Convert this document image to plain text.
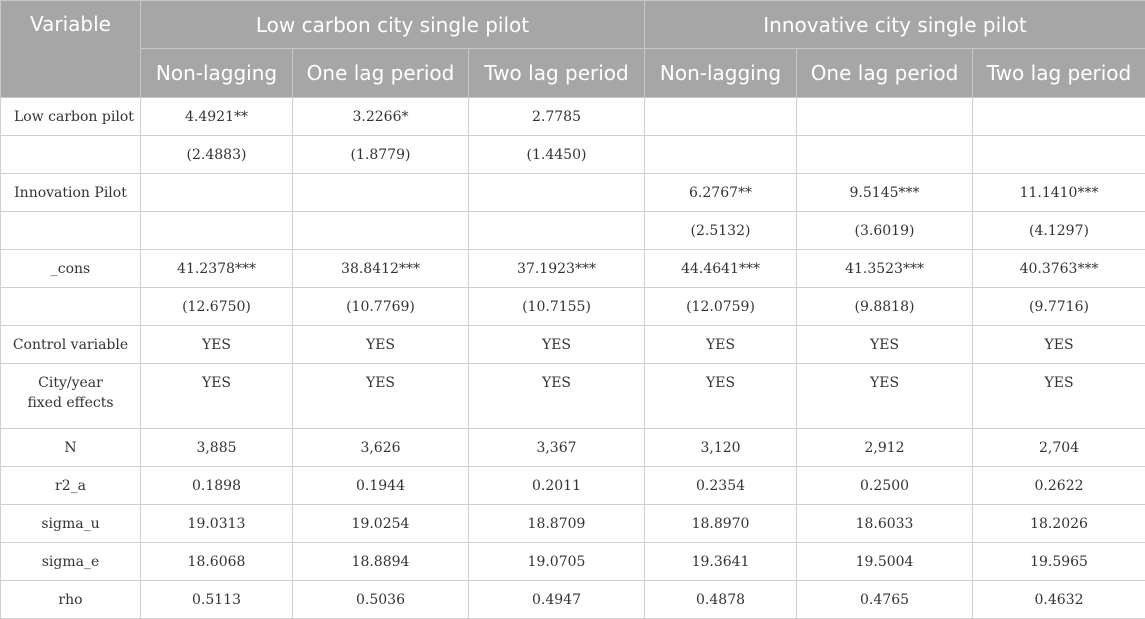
Variable	Low carbon city single pilot			Innovative city single pilot		
	Non-lagging	One lag period	Two lag period	Non-lagging	One lag period	Two lag period
Low carbon pilot	4.4921**	3.2266*	2.7785			
	(2.4883)	(1.8779)	(1.4450)			
Innovation Pilot				6.2767**	9.5145***	11.1410***
				(2.5132)	(3.6019)	(4.1297)
_cons	41.2378***	38.8412***	37.1923***	44.4641***	41.3523***	40.3763***
	(12.6750)	(10.7769)	(10.7155)	(12.0759)	(9.8818)	(9.7716)
Control variable	YES	YES	YES	YES	YES	YES
City/year
fixed effects	YES	YES	YES	YES	YES	YES
N	3,885	3,626	3,367	3,120	2,912	2,704
r2_a	0.1898	0.1944	0.2011	0.2354	0.2500	0.2622
sigma_u	19.0313	19.0254	18.8709	18.8970	18.6033	18.2026
sigma_e	18.6068	18.8894	19.0705	19.3641	19.5004	19.5965
rho	0.5113	0.5036	0.4947	0.4878	0.4765	0.4632
